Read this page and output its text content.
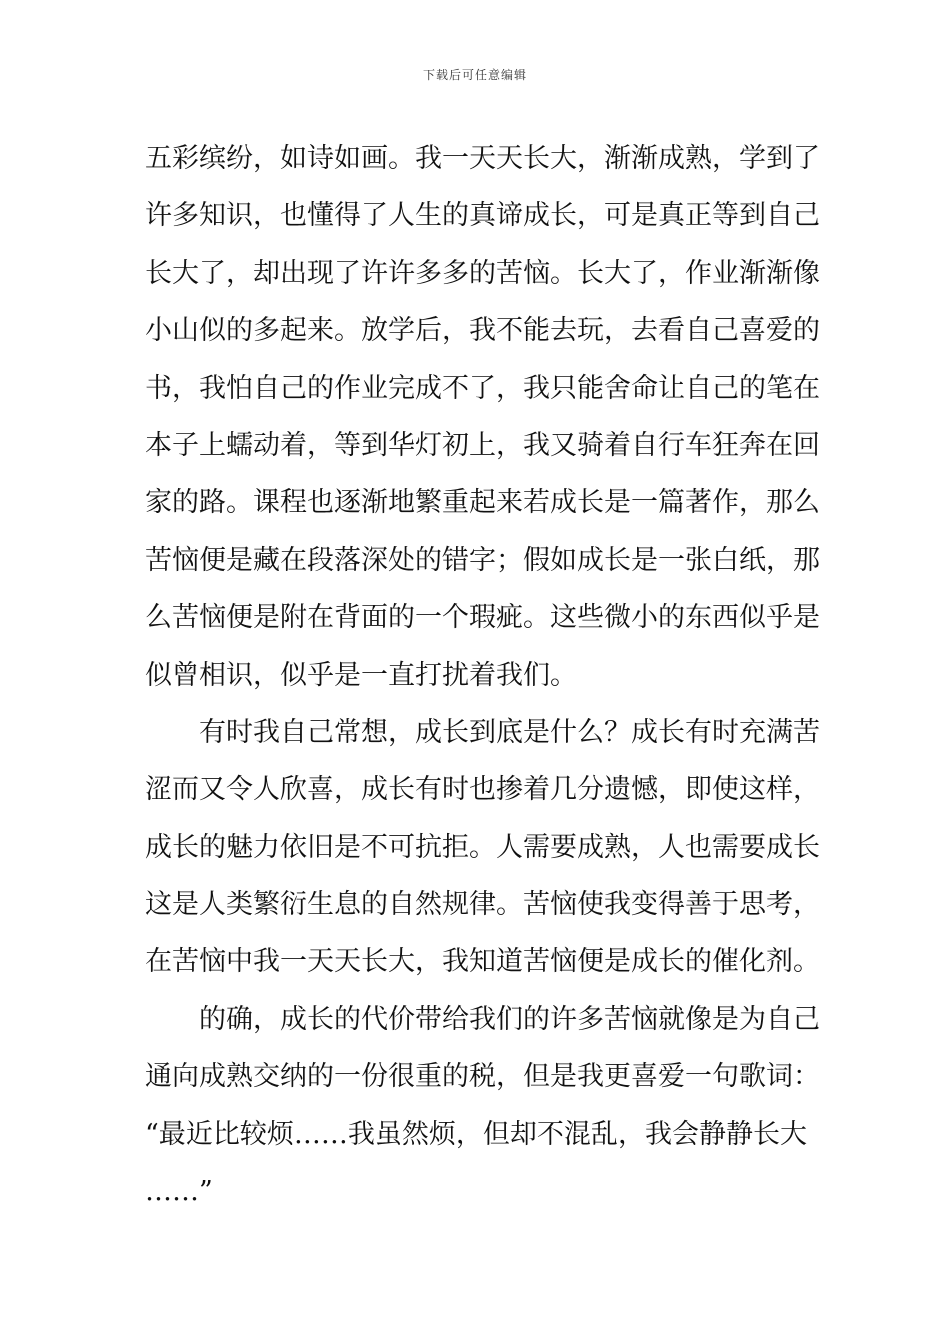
下载后可任意编辑
五彩缤纷，如诗如画。我一天天长大，渐渐成熟，学到了
许多知识，也懂得了人生的真谛成长，可是真正等到自己
长大了，却出现了许许多多的苦恼。长大了，作业渐渐像
小山似的多起来。放学后，我不能去玩，去看自己喜爱的
书，我怕自己的作业完成不了，我只能舍命让自己的笔在
本子上蠕动着，等到华灯初上，我又骑着自行车狂奔在回
家的路。课程也逐渐地繁重起来若成长是一篇著作，那么
苦恼便是藏在段落深处的错字；假如成长是一张白纸，那
么苦恼便是附在背面的一个瑕疵。这些微小的东西似乎是
似曾相识，似乎是一直打扰着我们。
有时我自己常想，成长到底是什么？成长有时充满苦
涩而又令人欣喜，成长有时也掺着几分遗憾，即使这样，
成长的魅力依旧是不可抗拒。人需要成熟，人也需要成长
这是人类繁衍生息的自然规律。苦恼使我变得善于思考，
在苦恼中我一天天长大，我知道苦恼便是成长的催化剂。
的确，成长的代价带给我们的许多苦恼就像是为自己
通向成熟交纳的一份很重的税，但是我更喜爱一句歌词：
“最近比较烦……我虽然烦，但却不混乱，我会静静长大
……”
